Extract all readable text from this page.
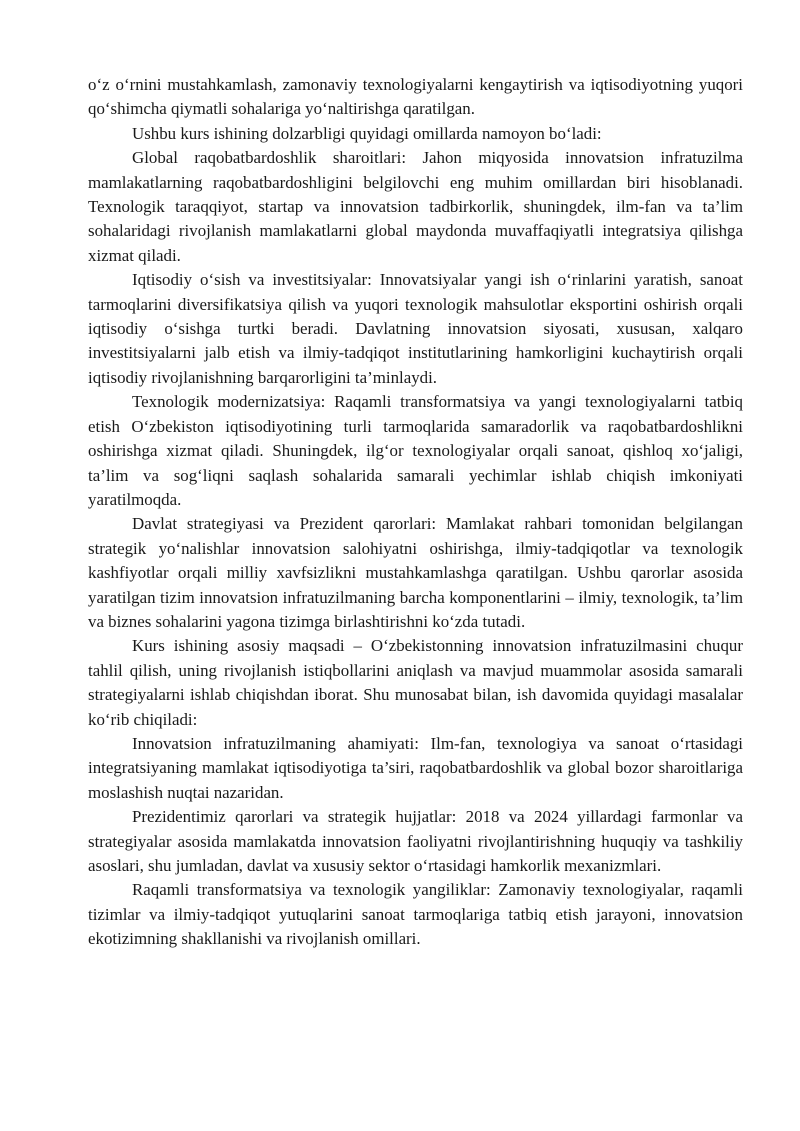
o‘z o‘rnini mustahkamlash, zamonaviy texnologiyalarni kengaytirish va iqtisodiyotning yuqori qo‘shimcha qiymatli sohalariga yo‘naltirishga qaratilgan.

Ushbu kurs ishining dolzarbligi quyidagi omillarda namoyon bo‘ladi:

Global raqobatbardoshlik sharoitlari: Jahon miqyosida innovatsion infratuzilma mamlakatlarning raqobatbardoshligini belgilovchi eng muhim omillardan biri hisoblanadi. Texnologik taraqqiyot, startap va innovatsion tadbirkorlik, shuningdek, ilm-fan va ta’lim sohalaridagi rivojlanish mamlakatlarni global maydonda muvaffaqiyatli integratsiya qilishga xizmat qiladi.

Iqtisodiy o‘sish va investitsiyalar: Innovatsiyalar yangi ish o‘rinlarini yaratish, sanoat tarmoqlarini diversifikatsiya qilish va yuqori texnologik mahsulotlar eksportini oshirish orqali iqtisodiy o‘sishga turtki beradi. Davlatning innovatsion siyosati, xususan, xalqaro investitsiyalarni jalb etish va ilmiy-tadqiqot institutlarining hamkorligini kuchaytirish orqali iqtisodiy rivojlanishning barqarorligini ta’minlaydi.

Texnologik modernizatsiya: Raqamli transformatsiya va yangi texnologiyalarni tatbiq etish O‘zbekiston iqtisodiyotining turli tarmoqlarida samaradorlik va raqobatbardoshlikni oshirishga xizmat qiladi. Shuningdek, ilg‘or texnologiyalar orqali sanoat, qishloq xo‘jaligi, ta’lim va sog‘liqni saqlash sohalarida samarali yechimlar ishlab chiqish imkoniyati yaratilmoqda.

Davlat strategiyasi va Prezident qarorlari: Mamlakat rahbari tomonidan belgilangan strategik yo‘nalishlar innovatsion salohiyatni oshirishga, ilmiy-tadqiqotlar va texnologik kashfiyotlar orqali milliy xavfsizlikni mustahkamlashga qaratilgan. Ushbu qarorlar asosida yaratilgan tizim innovatsion infratuzilmaning barcha komponentlarini – ilmiy, texnologik, ta’lim va biznes sohalarini yagona tizimga birlashtirishni ko‘zda tutadi.

Kurs ishining asosiy maqsadi – O‘zbekistonning innovatsion infratuzilmasini chuqur tahlil qilish, uning rivojlanish istiqbollarini aniqlash va mavjud muammolar asosida samarali strategiyalarni ishlab chiqishdan iborat. Shu munosabat bilan, ish davomida quyidagi masalalar ko‘rib chiqiladi:

Innovatsion infratuzilmaning ahamiyati: Ilm-fan, texnologiya va sanoat o‘rtasidagi integratsiyaning mamlakat iqtisodiyotiga ta’siri, raqobatbardoshlik va global bozor sharoitlariga moslashish nuqtai nazaridan.

Prezidentimiz qarorlari va strategik hujjatlar: 2018 va 2024 yillardagi farmonlar va strategiyalar asosida mamlakatda innovatsion faoliyatni rivojlantirishning huquqiy va tashkiliy asoslari, shu jumladan, davlat va xususiy sektor o‘rtasidagi hamkorlik mexanizmlari.

Raqamli transformatsiya va texnologik yangiliklar: Zamonaviy texnologiyalar, raqamli tizimlar va ilmiy-tadqiqot yutuqlarini sanoat tarmoqlariga tatbiq etish jarayoni, innovatsion ekotizimning shakllanishi va rivojlanish omillari.
